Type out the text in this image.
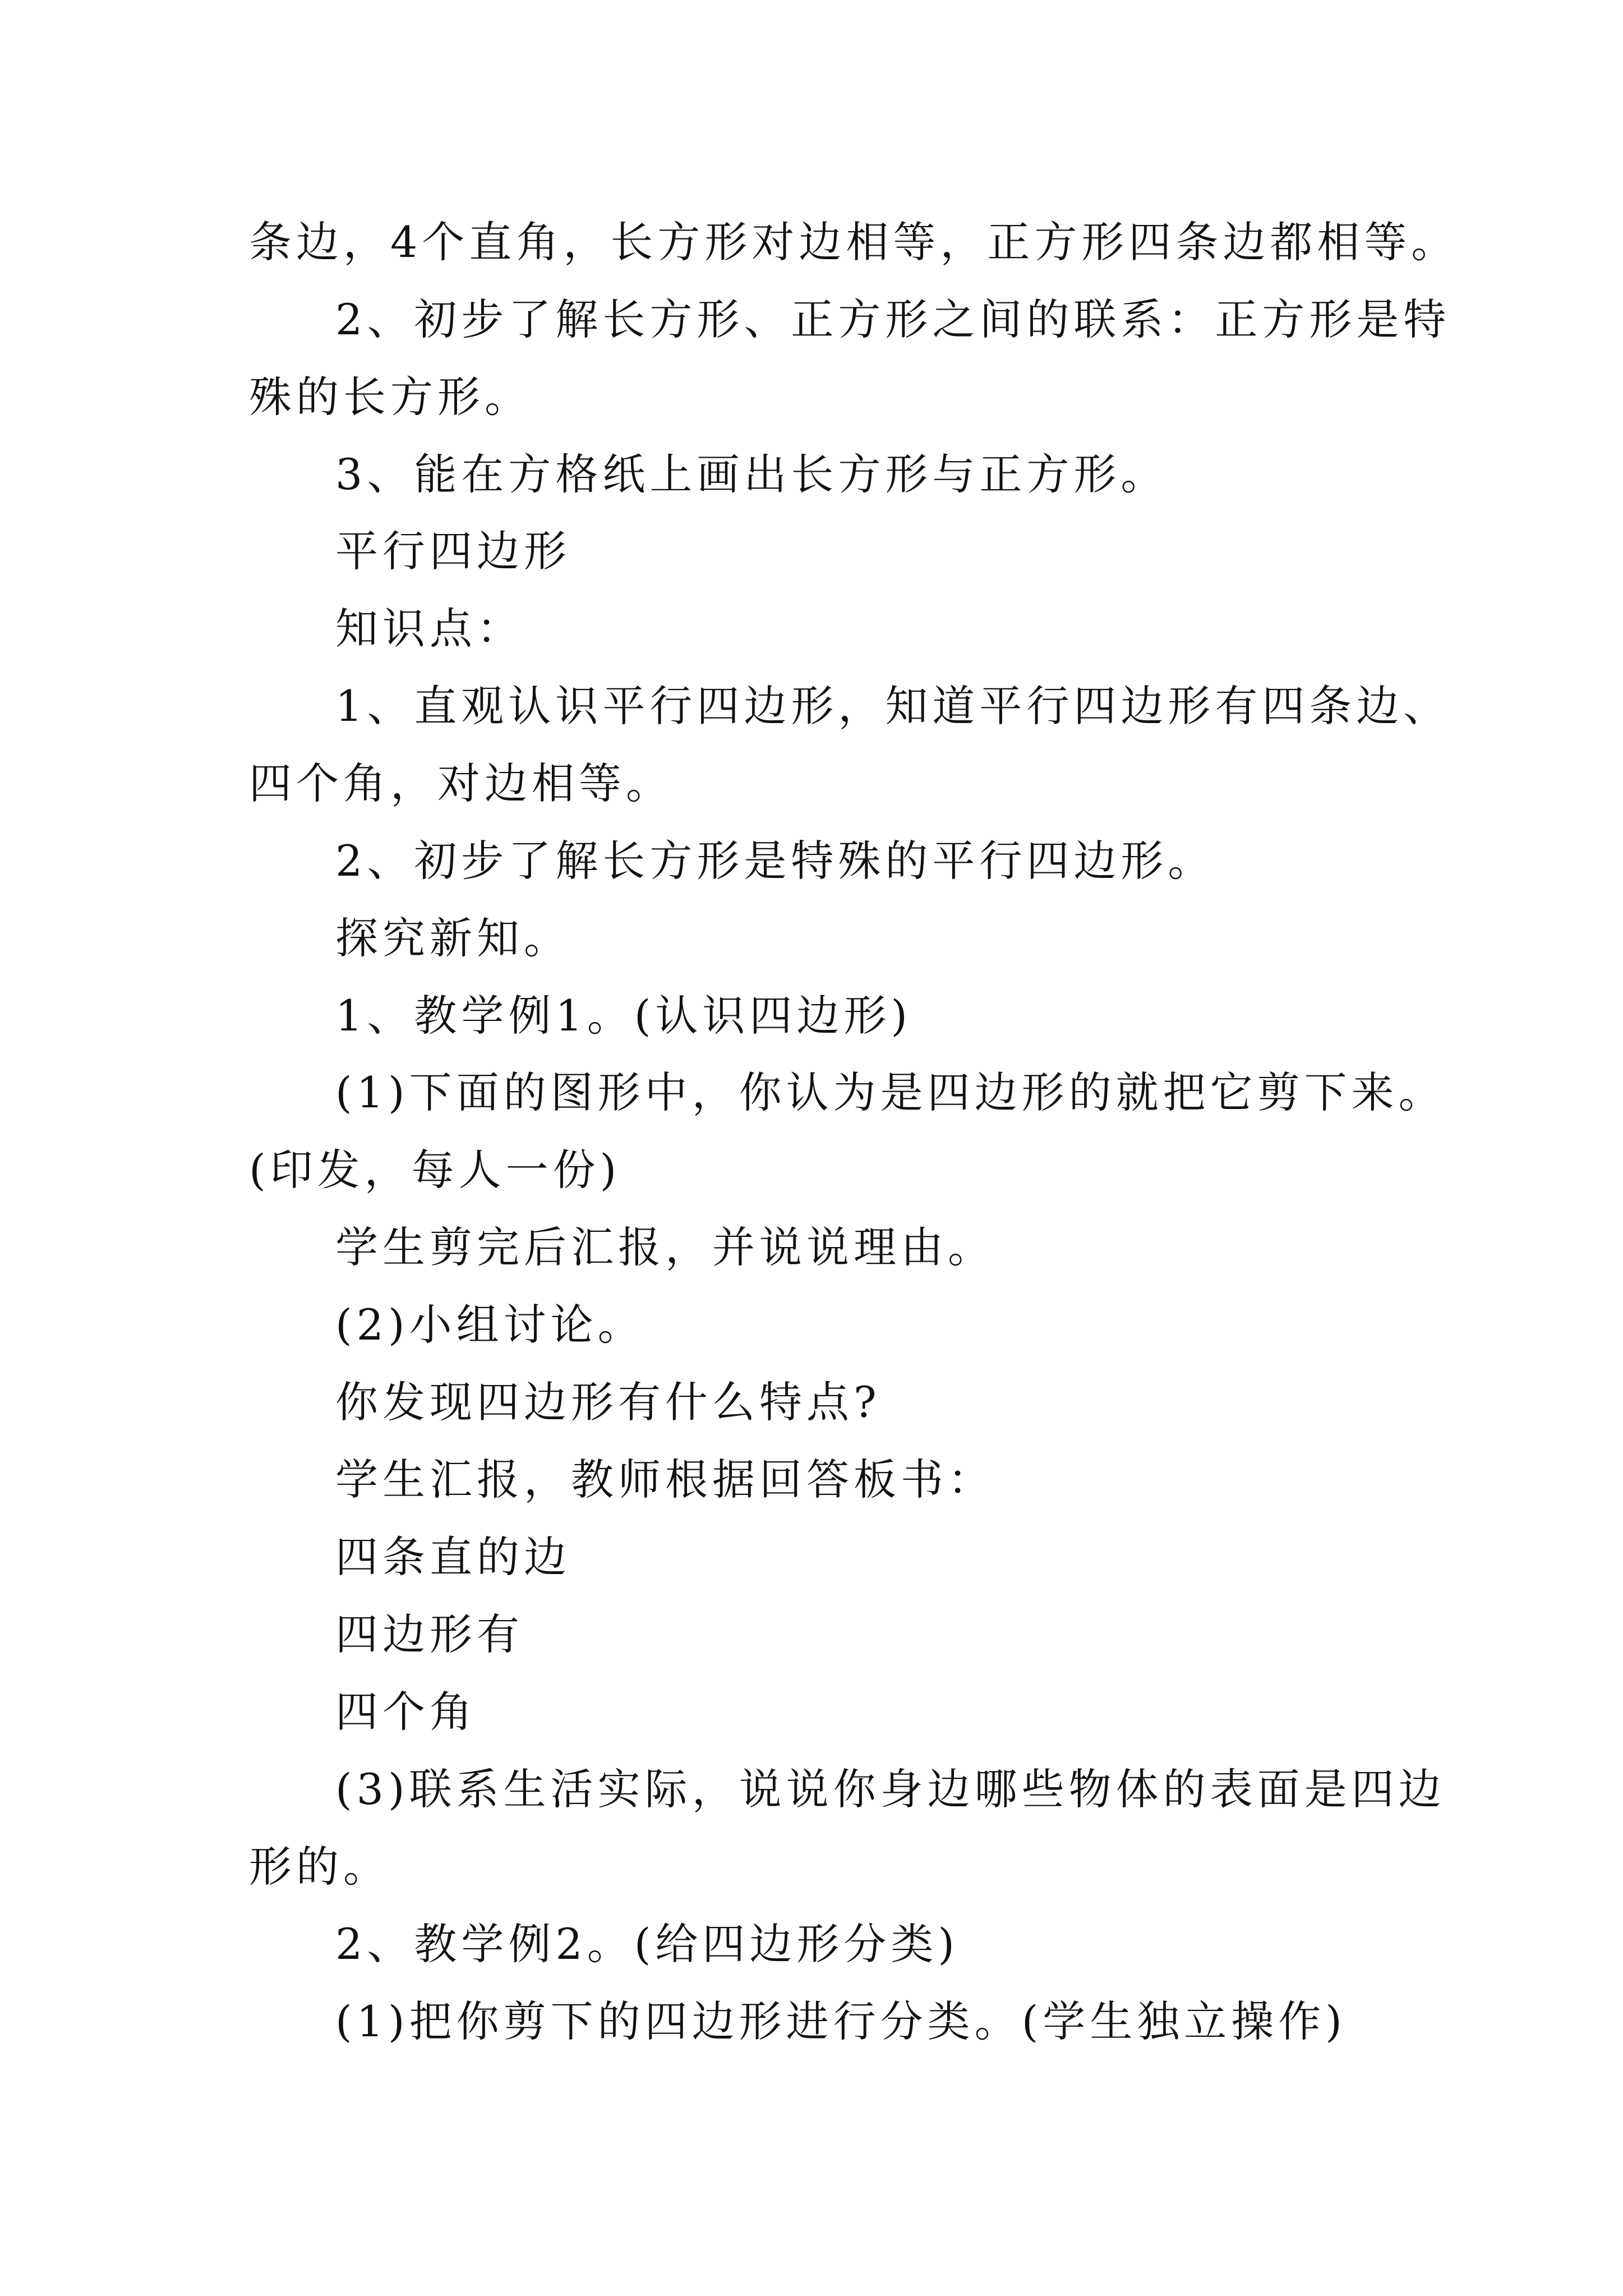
条边，4个直角，长方形对边相等，正方形四条边都相等。
2、初步了解长方形、正方形之间的联系：正方形是特
殊的长方形。
3、能在方格纸上画出长方形与正方形。
平行四边形
知识点：
1、直观认识平行四边形，知道平行四边形有四条边、
四个角，对边相等。
2、初步了解长方形是特殊的平行四边形。
探究新知。
1、教学例1。(认识四边形)
(1)下面的图形中，你认为是四边形的就把它剪下来。
(印发，每人一份)
学生剪完后汇报，并说说理由。
(2)小组讨论。
你发现四边形有什么特点?
学生汇报，教师根据回答板书：
四条直的边
四边形有
四个角
(3)联系生活实际，说说你身边哪些物体的表面是四边
形的。
2、教学例2。(给四边形分类)
(1)把你剪下的四边形进行分类。(学生独立操作)
